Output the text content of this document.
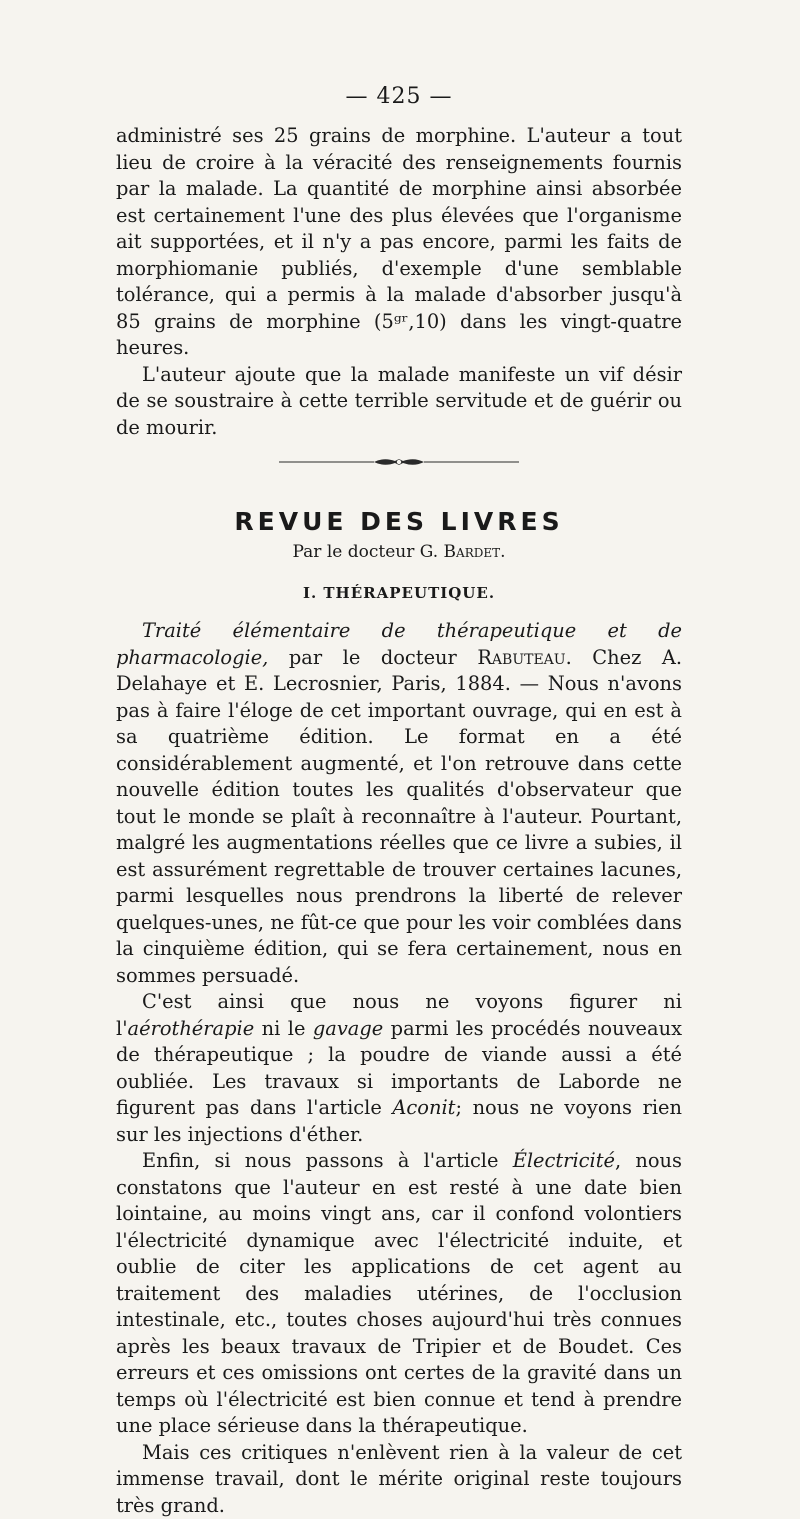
— 425 —

administré ses 25 grains de morphine. L'auteur a tout lieu de croire à la véracité des renseignements fournis par la malade. La quantité de morphine ainsi absorbée est certainement l'une des plus élevées que l'organisme ait supportées, et il n'y a pas encore, parmi les faits de morphiomanie publiés, d'exemple d'une semblable tolérance, qui a permis à la malade d'absorber jusqu'à 85 grains de morphine (5ᵍʳ,10) dans les vingt-quatre heures.

L'auteur ajoute que la malade manifeste un vif désir de se soustraire à cette terrible servitude et de guérir ou de mourir.

REVUE DES LIVRES
Par le docteur G. Bardet.
I. THÉRAPEUTIQUE.

Traité élémentaire de thérapeutique et de pharmacologie, par le docteur Rabuteau. Chez A. Delahaye et E. Lecrosnier, Paris, 1884. — Nous n'avons pas à faire l'éloge de cet important ouvrage, qui en est à sa quatrième édition. Le format en a été considérablement augmenté, et l'on retrouve dans cette nouvelle édition toutes les qualités d'observateur que tout le monde se plaît à reconnaître à l'auteur. Pourtant, malgré les augmentations réelles que ce livre a subies, il est assurément regrettable de trouver certaines lacunes, parmi lesquelles nous prendrons la liberté de relever quelques-unes, ne fût-ce que pour les voir comblées dans la cinquième édition, qui se fera certainement, nous en sommes persuadé.

C'est ainsi que nous ne voyons figurer ni l'aérothérapie ni le gavage parmi les procédés nouveaux de thérapeutique ; la poudre de viande aussi a été oubliée. Les travaux si importants de Laborde ne figurent pas dans l'article Aconit; nous ne voyons rien sur les injections d'éther.

Enfin, si nous passons à l'article Électricité, nous constatons que l'auteur en est resté à une date bien lointaine, au moins vingt ans, car il confond volontiers l'électricité dynamique avec l'électricité induite, et oublie de citer les applications de cet agent au traitement des maladies utérines, de l'occlusion intestinale, etc., toutes choses aujourd'hui très connues après les beaux travaux de Tripier et de Boudet. Ces erreurs et ces omissions ont certes de la gravité dans un temps où l'électricité est bien connue et tend à prendre une place sérieuse dans la thérapeutique.

Mais ces critiques n'enlèvent rien à la valeur de cet immense travail, dont le mérite original reste toujours très grand.
